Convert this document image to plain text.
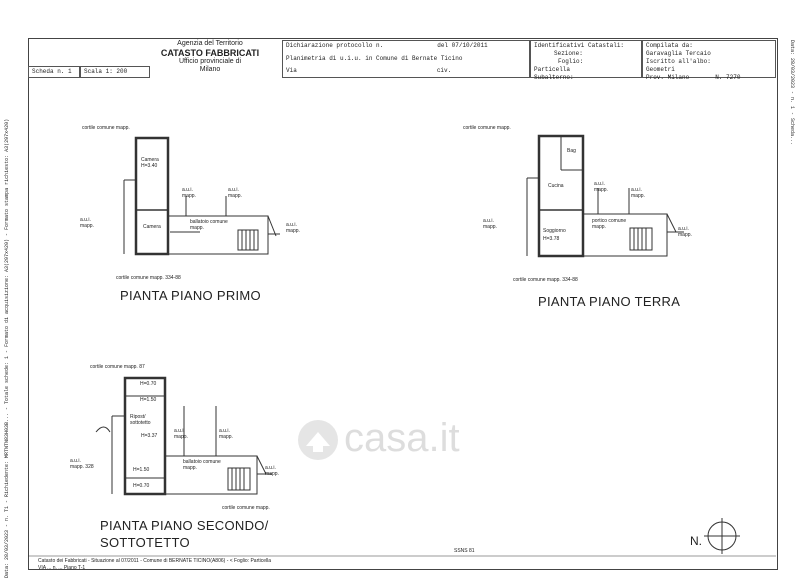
Data: 28/03/2023 - n. T1 - Richiedente: MRTNTN83H03B... - Totale schede: 1 - Formato di acquisizione: A3(297x420) - Formato stampa richiesto: A3(297x420)
Data: 28/03/2023 - n. 1 - Scheda...
Agenzia del Territorio
CATASTO FABBRICATI
Ufficio provinciale di
Milano
Scheda n. 1	Scala 1: 200
Dichiarazione protocollo n.	del 07/10/2011
Planimetria di u.i.u. in Comune di Bernate Ticino
Via	civ.
Identificativi Catastali:
Sezione:
Foglio:
Particella
Subalterno:
Compilata da:
Garavaglia Tercaio
Iscritto all'albo:
Geometri
Prov. Milano	N. 7270
casa.it
cortile comune mapp.
Camera
H=3.40
Camera
ballatoio comune
mapp.
a.u.i.
mapp.
a.u.i.
mapp.
a.u.i.
mapp.	a.u.i.
mapp.
cortile comune mapp. 334-88
PIANTA PIANO PRIMO
cortile comune mapp.
Bag
Cucina
Soggiorno
H=3.78
portico comune
mapp.
a.u.i.
mapp.	a.u.i.
mapp.
a.u.i.
mapp.	a.u.i.
mapp.
cortile comune mapp. 334-88
PIANTA PIANO TERRA
cortile comune mapp. 87
H=0.70
H=1.50
Ripost/
sottotetto
H=3.37
H=1.50
H=0.70
ballatoio comune
mapp.
a.u.i.
mapp.
a.u.i.
mapp.
a.u.i.
mapp. 328	a.u.i.
mapp.
cortile comune mapp.
PIANTA PIANO SECONDO/
SOTTOTETTO	N.
Catasto dei Fabbricati - Situazione al 07/2011 - Comune di BERNATE TICINO(A806) - < Foglio: Particella
VIA ... n. ... Piano T-1
SSNS 81
